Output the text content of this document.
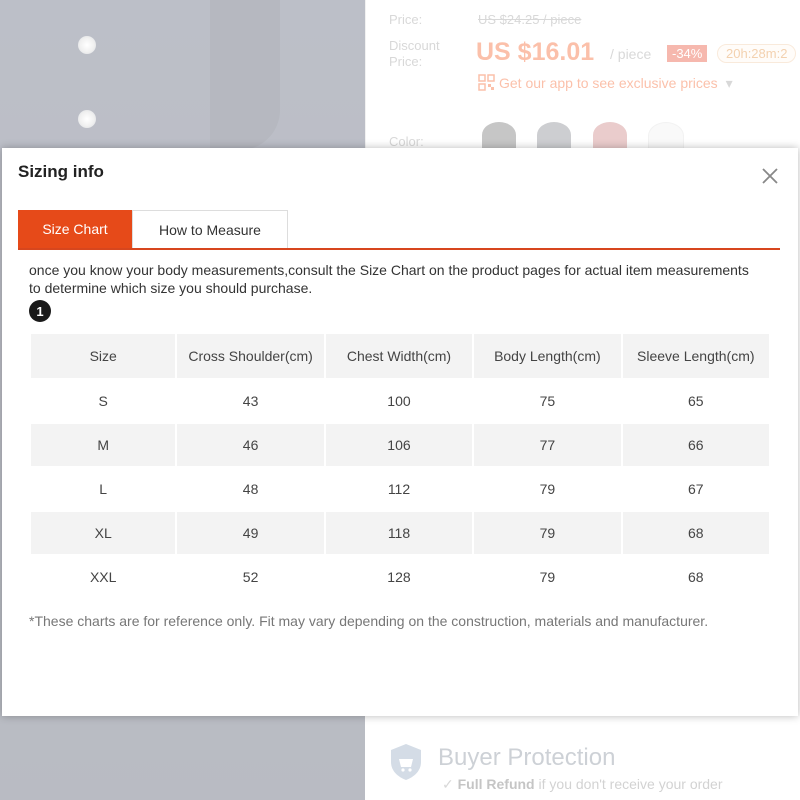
Sizing info
Size Chart	How to Measure

once you know your body measurements,consult the Size Chart on the product pages for actual item measurements to determine which size you should purchase.

1
Size	Cross Shoulder(cm)	Chest Width(cm)	Body Length(cm)	Sleeve Length(cm)
S	43	100	75	65
M	46	106	77	66
L	48	112	79	67
XL	49	118	79	68
XXL	52	128	79	68

*These charts are for reference only. Fit may vary depending on the construction, materials and manufacturer.
